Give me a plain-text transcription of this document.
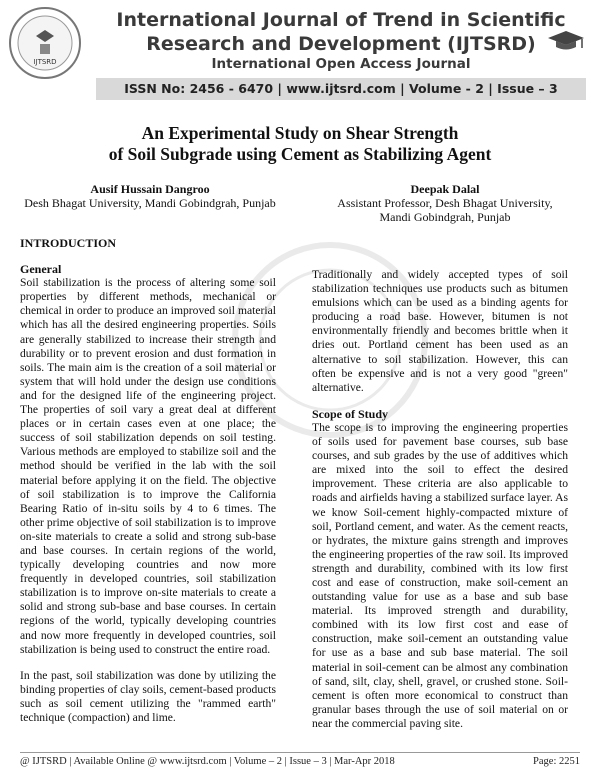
IJTSRD
International Journal of Trend in Scientific
Research and Development (IJTSRD)
International Open Access Journal
ISSN No: 2456 - 6470 | www.ijtsrd.com | Volume - 2 | Issue – 3
An Experimental Study on Shear Strength
of Soil Subgrade using Cement as Stabilizing Agent
Ausif Hussain Dangroo
Desh Bhagat University, Mandi Gobindgrah, Punjab
Deepak Dalal
Assistant Professor, Desh Bhagat University,
Mandi Gobindgrah, Punjab
INTRODUCTION
General

Soil stabilization is the process of altering some soil properties by different methods, mechanical or chemical in order to produce an improved soil material which has all the desired engineering properties. Soils are generally stabilized to increase their strength and durability or to prevent erosion and dust formation in soils. The main aim is the creation of a soil material or system that will hold under the design use conditions and for the designed life of the engineering project. The properties of soil vary a great deal at different places or in certain cases even at one place; the success of soil stabilization depends on soil testing. Various methods are employed to stabilize soil and the method should be verified in the lab with the soil material before applying it on the field. The objective of soil stabilization is to improve the California Bearing Ratio of in-situ soils by 4 to 6 times. The other prime objective of soil stabilization is to improve on-site materials to create a solid and strong sub-base and base courses. In certain regions of the world, typically developing countries and now more frequently in developed countries, soil stabilization stabilization is to improve on-site materials to create a solid and strong sub-base and base courses. In certain regions of the world, typically developing countries and now more frequently in developed countries, soil stabilization is being used to construct the entire road.

In the past, soil stabilization was done by utilizing the binding properties of clay soils, cement-based products such as soil cement utilizing the "rammed earth" technique (compaction) and lime.

Traditionally and widely accepted types of soil stabilization techniques use products such as bitumen emulsions which can be used as a binding agents for producing a road base. However, bitumen is not environmentally friendly and becomes brittle when it dries out. Portland cement has been used as an alternative to soil stabilization. However, this can often be expensive and is not a very good "green" alternative.

Scope of Study

The scope is to improving the engineering properties of soils used for pavement base courses, sub base courses, and sub grades by the use of additives which are mixed into the soil to effect the desired improvement. These criteria are also applicable to roads and airfields having a stabilized surface layer. As we know Soil-cement highly-compacted mixture of soil, Portland cement, and water. As the cement reacts, or hydrates, the mixture gains strength and improves the engineering properties of the raw soil. Its improved strength and durability, combined with its low first cost and ease of construction, make soil-cement an outstanding value for use as a base and sub base material. Its improved strength and durability, combined with its low first cost and ease of construction, make soil-cement an outstanding value for use as a base and sub base material. The soil material in soil-cement can be almost any combination of sand, silt, clay, shell, gravel, or crushed stone. Soil-cement is often more economical to construct than granular bases through the use of soil material on or near the commercial paving site.

@ IJTSRD | Available Online @ www.ijtsrd.com | Volume – 2 | Issue – 3 | Mar-Apr 2018	Page: 2251
